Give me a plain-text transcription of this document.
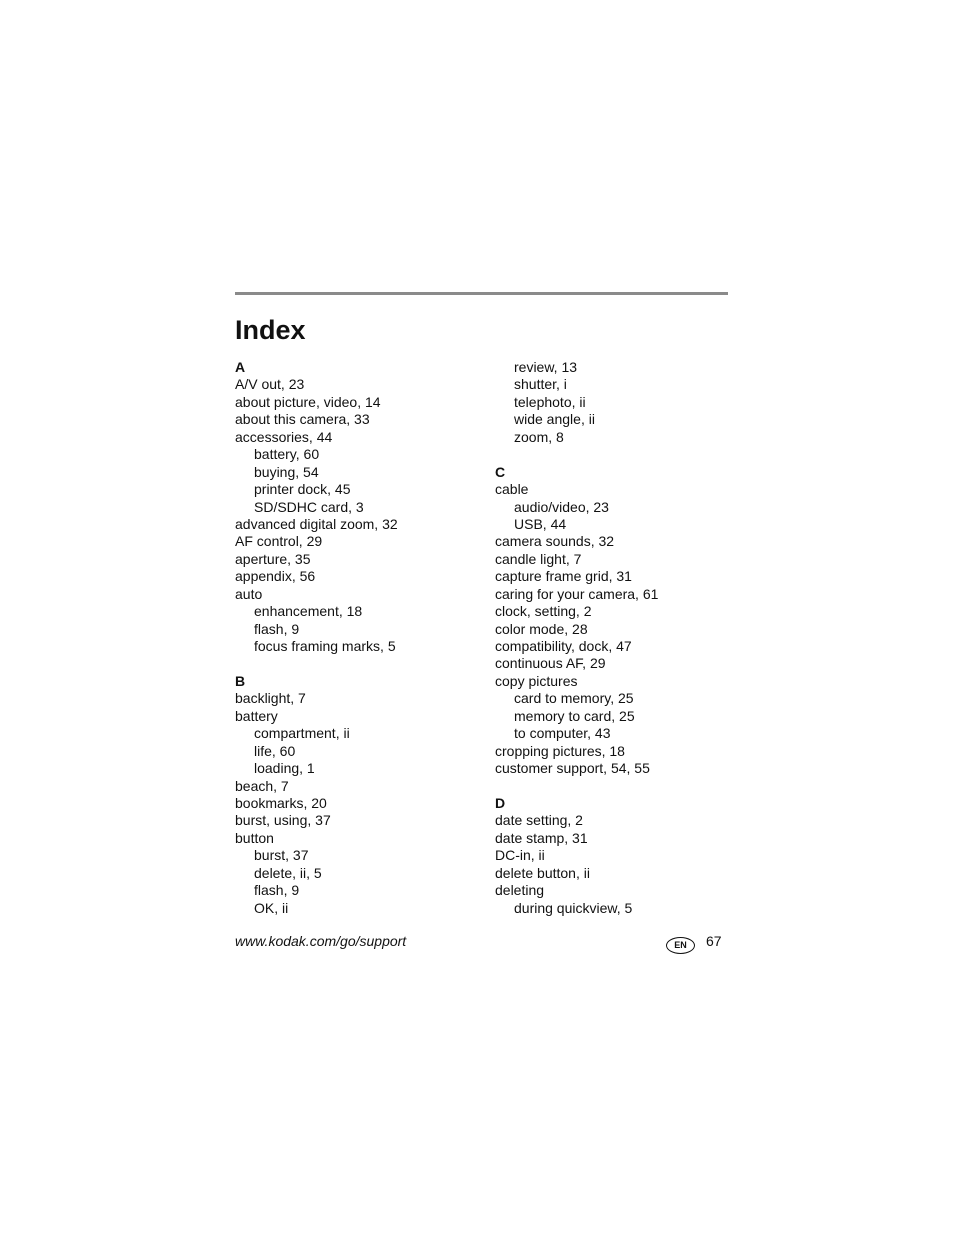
Index
A
A/V out, 23
about picture, video, 14
about this camera, 33
accessories, 44
battery, 60
buying, 54
printer dock, 45
SD/SDHC card, 3
advanced digital zoom, 32
AF control, 29
aperture, 35
appendix, 56
auto
enhancement, 18
flash, 9
focus framing marks, 5
B
backlight, 7
battery
compartment, ii
life, 60
loading, 1
beach, 7
bookmarks, 20
burst, using, 37
button
burst, 37
delete, ii, 5
flash, 9
OK, ii
review, 13
shutter, i
telephoto, ii
wide angle, ii
zoom, 8
C
cable
audio/video, 23
USB, 44
camera sounds, 32
candle light, 7
capture frame grid, 31
caring for your camera, 61
clock, setting, 2
color mode, 28
compatibility, dock, 47
continuous AF, 29
copy pictures
card to memory, 25
memory to card, 25
to computer, 43
cropping pictures, 18
customer support, 54, 55
D
date setting, 2
date stamp, 31
DC-in, ii
delete button, ii
deleting
during quickview, 5
www.kodak.com/go/support	EN	67
